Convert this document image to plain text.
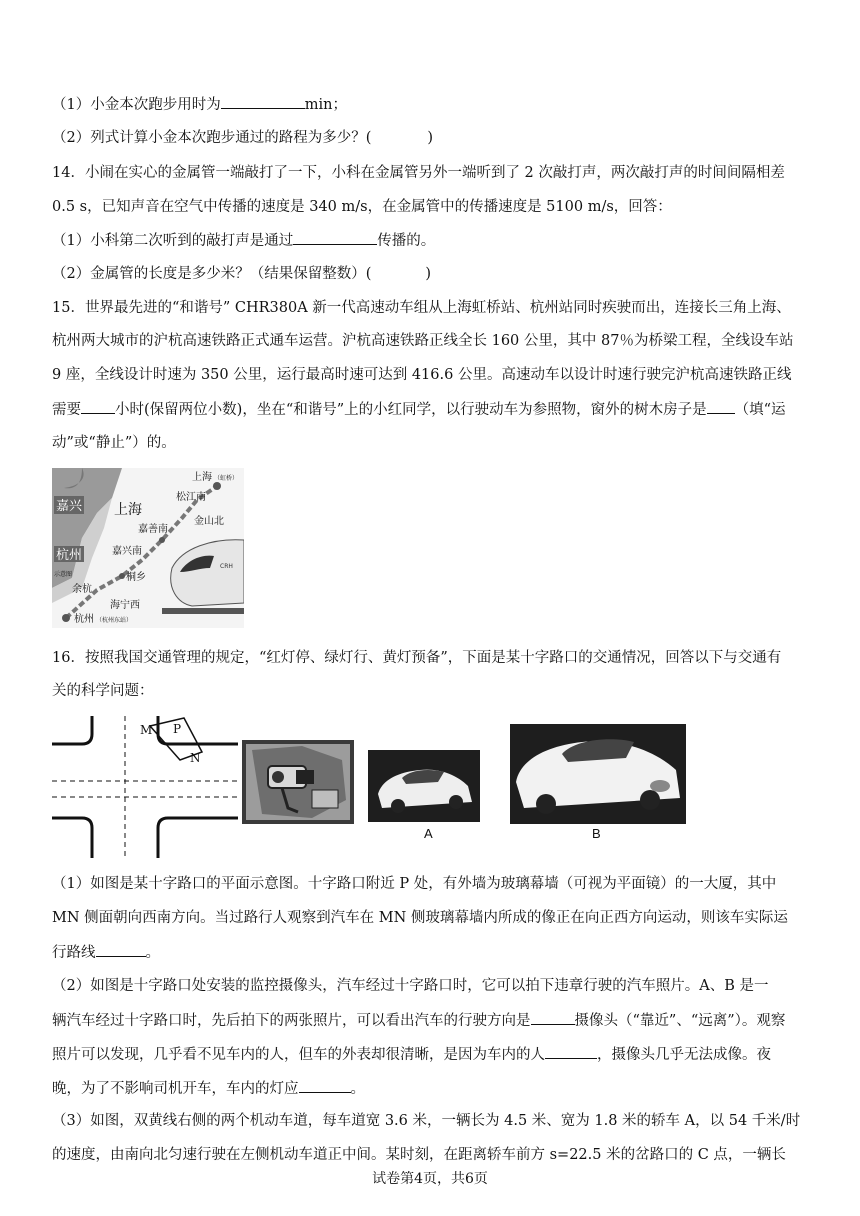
（1）小金本次跑步用时为	min；
（2）列式计算小金本次跑步通过的路程为多少？(	)
14．小闹在实心的金属管一端敲打了一下，小科在金属管另外一端听到了 2 次敲打声，两次敲打声的时间间隔相差
0.5 s，已知声音在空气中传播的速度是 340 m/s，在金属管中的传播速度是 5100 m/s，回答：
（1）小科第二次听到的敲打声是通过	传播的。
（2）金属管的长度是多少米？（结果保留整数）(	)
15．世界最先进的“和谐号” CHR380A 新一代高速动车组从上海虹桥站、杭州站同时疾驶而出，连接长三角上海、
杭州两大城市的沪杭高速铁路正式通车运营。沪杭高速铁路正线全长 160 公里，其中 87％为桥梁工程，全线设车站
9 座，全线设计时速为 350 公里，运行最高时速可达到 416.6 公里。高速动车以设计时速行驶完沪杭高速铁路正线
需要 小时(保留两位小数)，坐在“和谐号”上的小红同学，以行驶动车为参照物，窗外的树木房子是 （填“运
动”或“静止”）的。
嘉兴 上海
杭州
上海 （虹桥）
松江南
金山北
嘉善南
嘉兴南
桐乡
余杭
海宁西
杭州 （杭州东站）
示意图
CRH
16．按照我国交通管理的规定，“红灯停、绿灯行、黄灯预备”，下面是某十字路口的交通情况，回答以下与交通有
关的科学问题：
M P
N
A	B
（1）如图是某十字路口的平面示意图。十字路口附近 P 处，有外墙为玻璃幕墙（可视为平面镜）的一大厦，其中
MN 侧面朝向西南方向。当过路行人观察到汽车在 MN 侧玻璃幕墙内所成的像正在向正西方向运动，则该车实际运
行路线	。
（2）如图是十字路口处安装的监控摄像头，汽车经过十字路口时，它可以拍下违章行驶的汽车照片。A、B 是一
辆汽车经过十字路口时，先后拍下的两张照片，可以看出汽车的行驶方向是	摄像头（“靠近”、“远离”）。观察
照片可以发现，几乎看不见车内的人，但车的外表却很清晰，是因为车内的人	，摄像头几乎无法成像。夜
晚，为了不影响司机开车，车内的灯应	。
（3）如图，双黄线右侧的两个机动车道，每车道宽 3.6 米，一辆长为 4.5 米、宽为 1.8 米的轿车 A，以 54 千米/时
的速度，由南向北匀速行驶在左侧机动车道正中间。某时刻，在距离轿车前方 s=22.5 米的岔路口的 C 点，一辆长
试卷第4页，共6页
